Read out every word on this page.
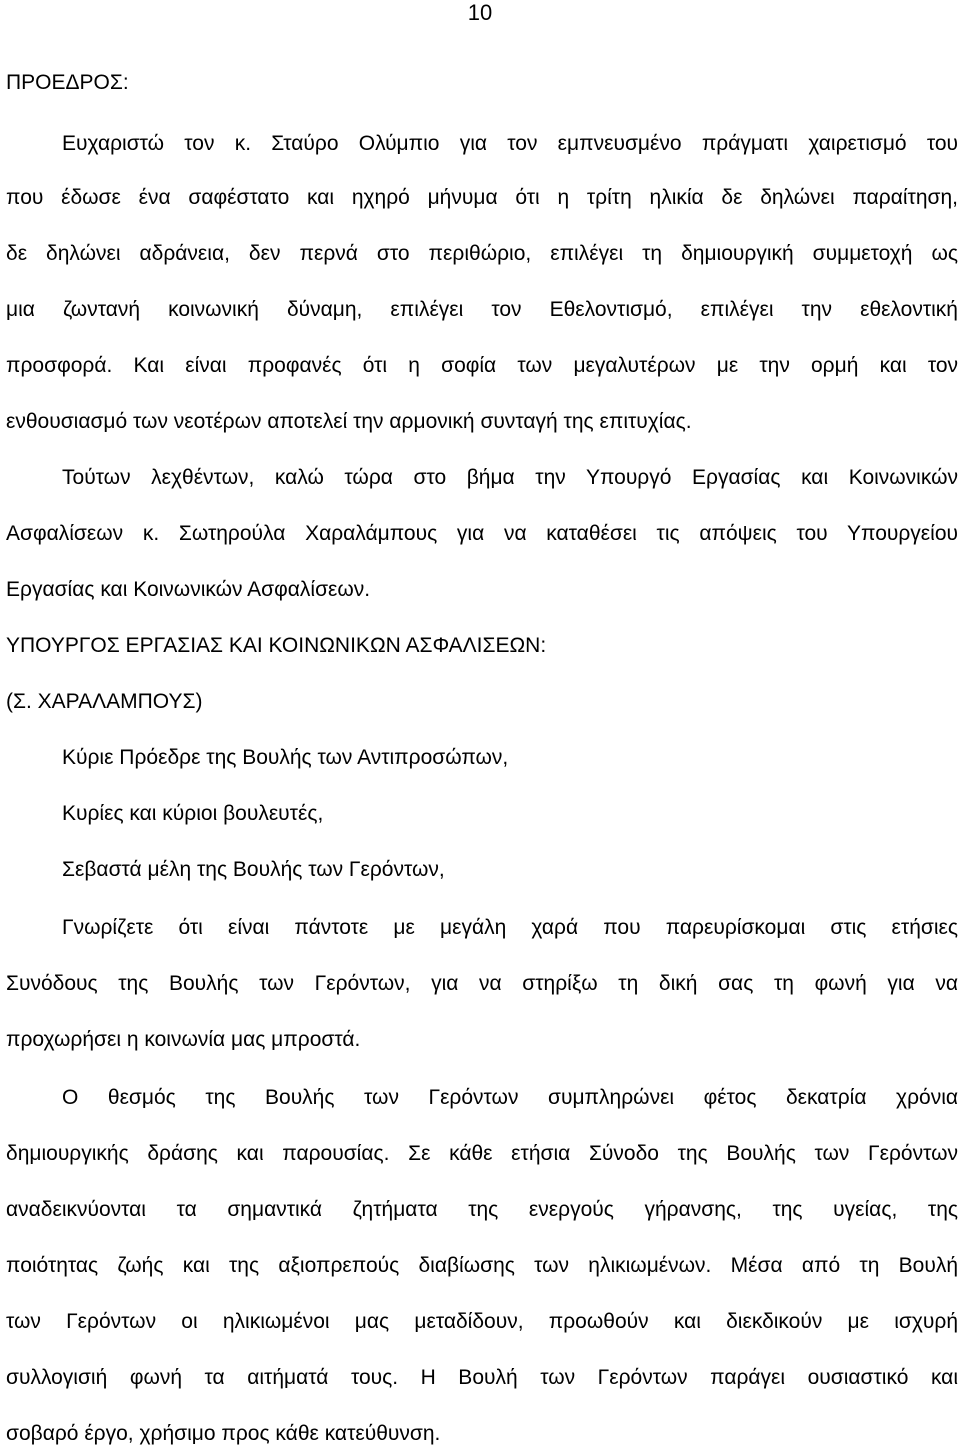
10
ΠΡΟΕΔΡΟΣ:
Ευχαριστώ τον κ. Σταύρο Ολύμπιο για τον εμπνευσμένο πράγματι χαιρετισμό του
που έδωσε ένα σαφέστατο και ηχηρό μήνυμα ότι η τρίτη ηλικία δε δηλώνει παραίτηση,
δε δηλώνει αδράνεια, δεν περνά στο περιθώριο, επιλέγει τη δημιουργική συμμετοχή ως
μια ζωντανή κοινωνική δύναμη, επιλέγει τον Εθελοντισμό, επιλέγει την εθελοντική
προσφορά. Και είναι προφανές ότι η σοφία των μεγαλυτέρων με την ορμή και τον
ενθουσιασμό των νεοτέρων αποτελεί την αρμονική συνταγή της επιτυχίας.
Τούτων λεχθέντων, καλώ τώρα στο βήμα την Υπουργό Εργασίας και Κοινωνικών
Ασφαλίσεων κ. Σωτηρούλα Χαραλάμπους για να καταθέσει τις απόψεις του Υπουργείου
Εργασίας και Κοινωνικών Ασφαλίσεων.
ΥΠΟΥΡΓΟΣ ΕΡΓΑΣΙΑΣ ΚΑΙ ΚΟΙΝΩΝΙΚΩΝ ΑΣΦΑΛΙΣΕΩΝ:
(Σ. ΧΑΡΑΛΑΜΠΟΥΣ)
Κύριε Πρόεδρε της Βουλής των Αντιπροσώπων,
Κυρίες και κύριοι βουλευτές,
Σεβαστά μέλη της Βουλής των Γερόντων,
Γνωρίζετε ότι είναι πάντοτε με μεγάλη χαρά που παρευρίσκομαι στις ετήσιες
Συνόδους της Βουλής των Γερόντων, για να στηρίξω τη δική σας τη φωνή για να
προχωρήσει η κοινωνία μας μπροστά.
Ο θεσμός της Βουλής των Γερόντων συμπληρώνει φέτος δεκατρία χρόνια
δημιουργικής δράσης και παρουσίας. Σε κάθε ετήσια Σύνοδο της Βουλής των Γερόντων
αναδεικνύονται τα σημαντικά ζητήματα της ενεργούς γήρανσης, της υγείας, της
ποιότητας ζωής και της αξιοπρεπούς διαβίωσης των ηλικιωμένων. Μέσα από τη Βουλή
των Γερόντων οι ηλικιωμένοι μας μεταδίδουν, προωθούν και διεκδικούν με ισχυρή
συλλογισιή φωνή τα αιτήματά τους. Η Βουλή των Γερόντων παράγει ουσιαστικό και
σοβαρό έργο, χρήσιμο προς κάθε κατεύθυνση.
